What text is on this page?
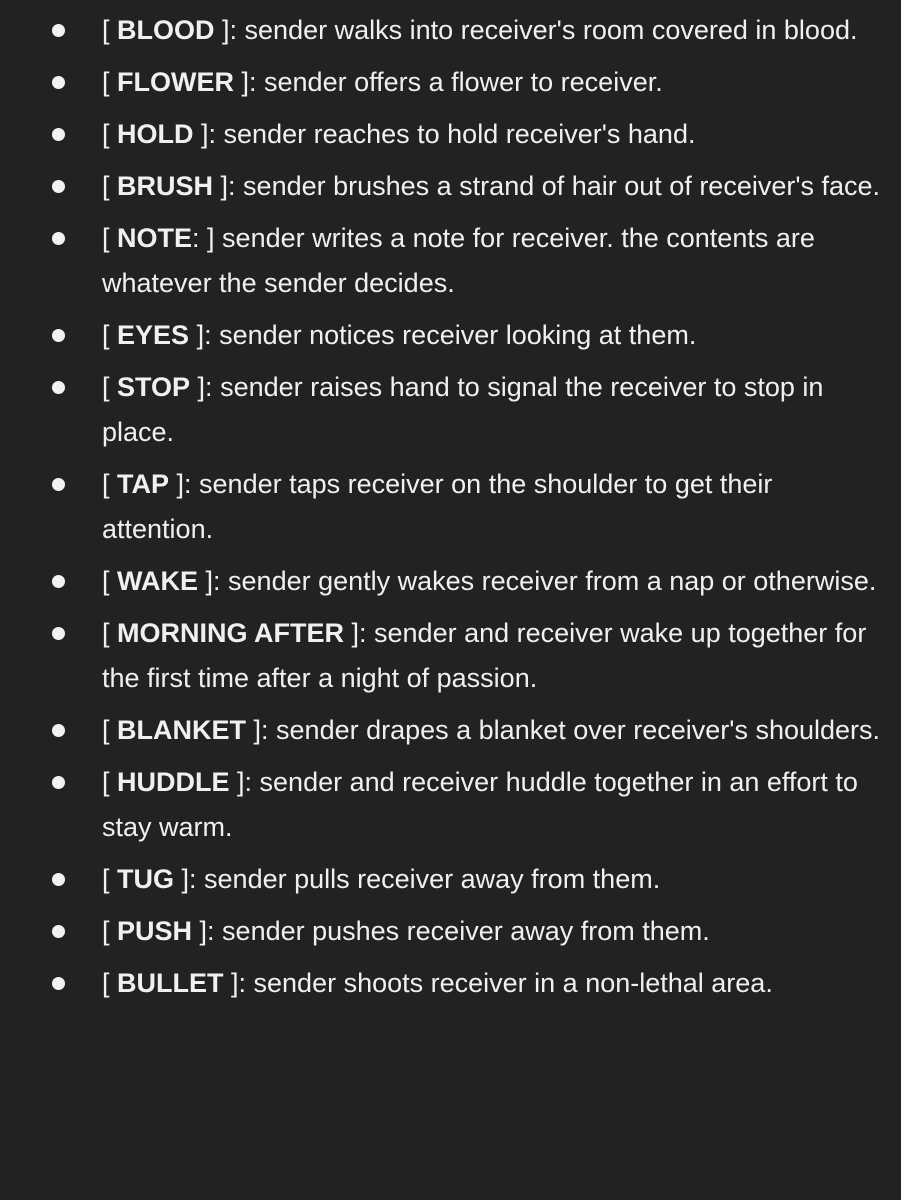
[ BLOOD ]: sender walks into receiver's room covered in blood.
[ FLOWER ]: sender offers a flower to receiver.
[ HOLD ]: sender reaches to hold receiver's hand.
[ BRUSH ]: sender brushes a strand of hair out of receiver's face.
[ NOTE: ] sender writes a note for receiver. the contents are whatever the sender decides.
[ EYES ]: sender notices receiver looking at them.
[ STOP ]: sender raises hand to signal the receiver to stop in place.
[ TAP ]: sender taps receiver on the shoulder to get their attention.
[ WAKE ]: sender gently wakes receiver from a nap or otherwise.
[ MORNING AFTER ]: sender and receiver wake up together for the first time after a night of passion.
[ BLANKET ]: sender drapes a blanket over receiver's shoulders.
[ HUDDLE ]: sender and receiver huddle together in an effort to stay warm.
[ TUG ]: sender pulls receiver away from them.
[ PUSH ]: sender pushes receiver away from them.
[ BULLET ]: sender shoots receiver in a non-lethal area.
